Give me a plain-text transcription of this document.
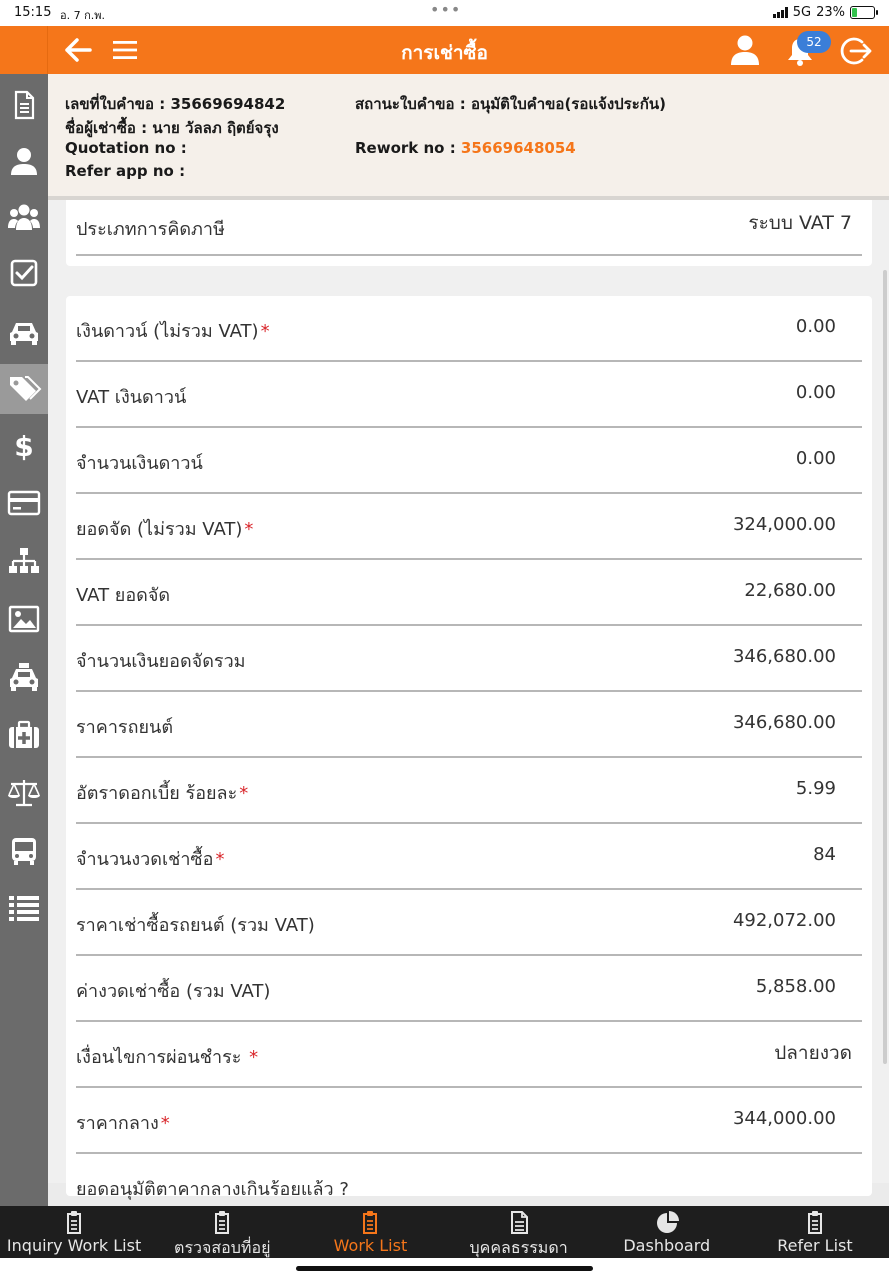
15:15 อ. 7 ก.พ.	•••	5G 23%
การเช่าซื้อ	52
$
เลขที่ใบคำขอ : 35669694842	สถานะใบคำขอ : อนุมัติใบคำขอ(รอแจ้งประกัน)
ชื่อผู้เช่าซื้อ : นาย วัลลภ ฤิตย์จรุง
Quotation no :	Rework no : 35669648054
Refer app no :
ประเภทการคิดภาษี	ระบบ VAT 7
เงินดาวน์ (ไม่รวม VAT) *	0.00
VAT เงินดาวน์	0.00
จำนวนเงินดาวน์	0.00
ยอดจัด (ไม่รวม VAT) *	324,000.00
VAT ยอดจัด	22,680.00
จำนวนเงินยอดจัดรวม	346,680.00
ราคารถยนต์	346,680.00
อัตราดอกเบี้ย ร้อยละ *	5.99
จำนวนงวดเช่าซื้อ *	84
ราคาเช่าซื้อรถยนต์ (รวม VAT)	492,072.00
ค่างวดเช่าซื้อ (รวม VAT)	5,858.00
เงื่อนไขการผ่อนชำระ *	ปลายงวด
ราคากลาง *	344,000.00
ยอดอนุมัติตาคากลางเกินร้อยแล้ว ?
Inquiry Work List	ตรวจสอบที่อยู่	Work List	บุคคลธรรมดา	Dashboard	Refer List
